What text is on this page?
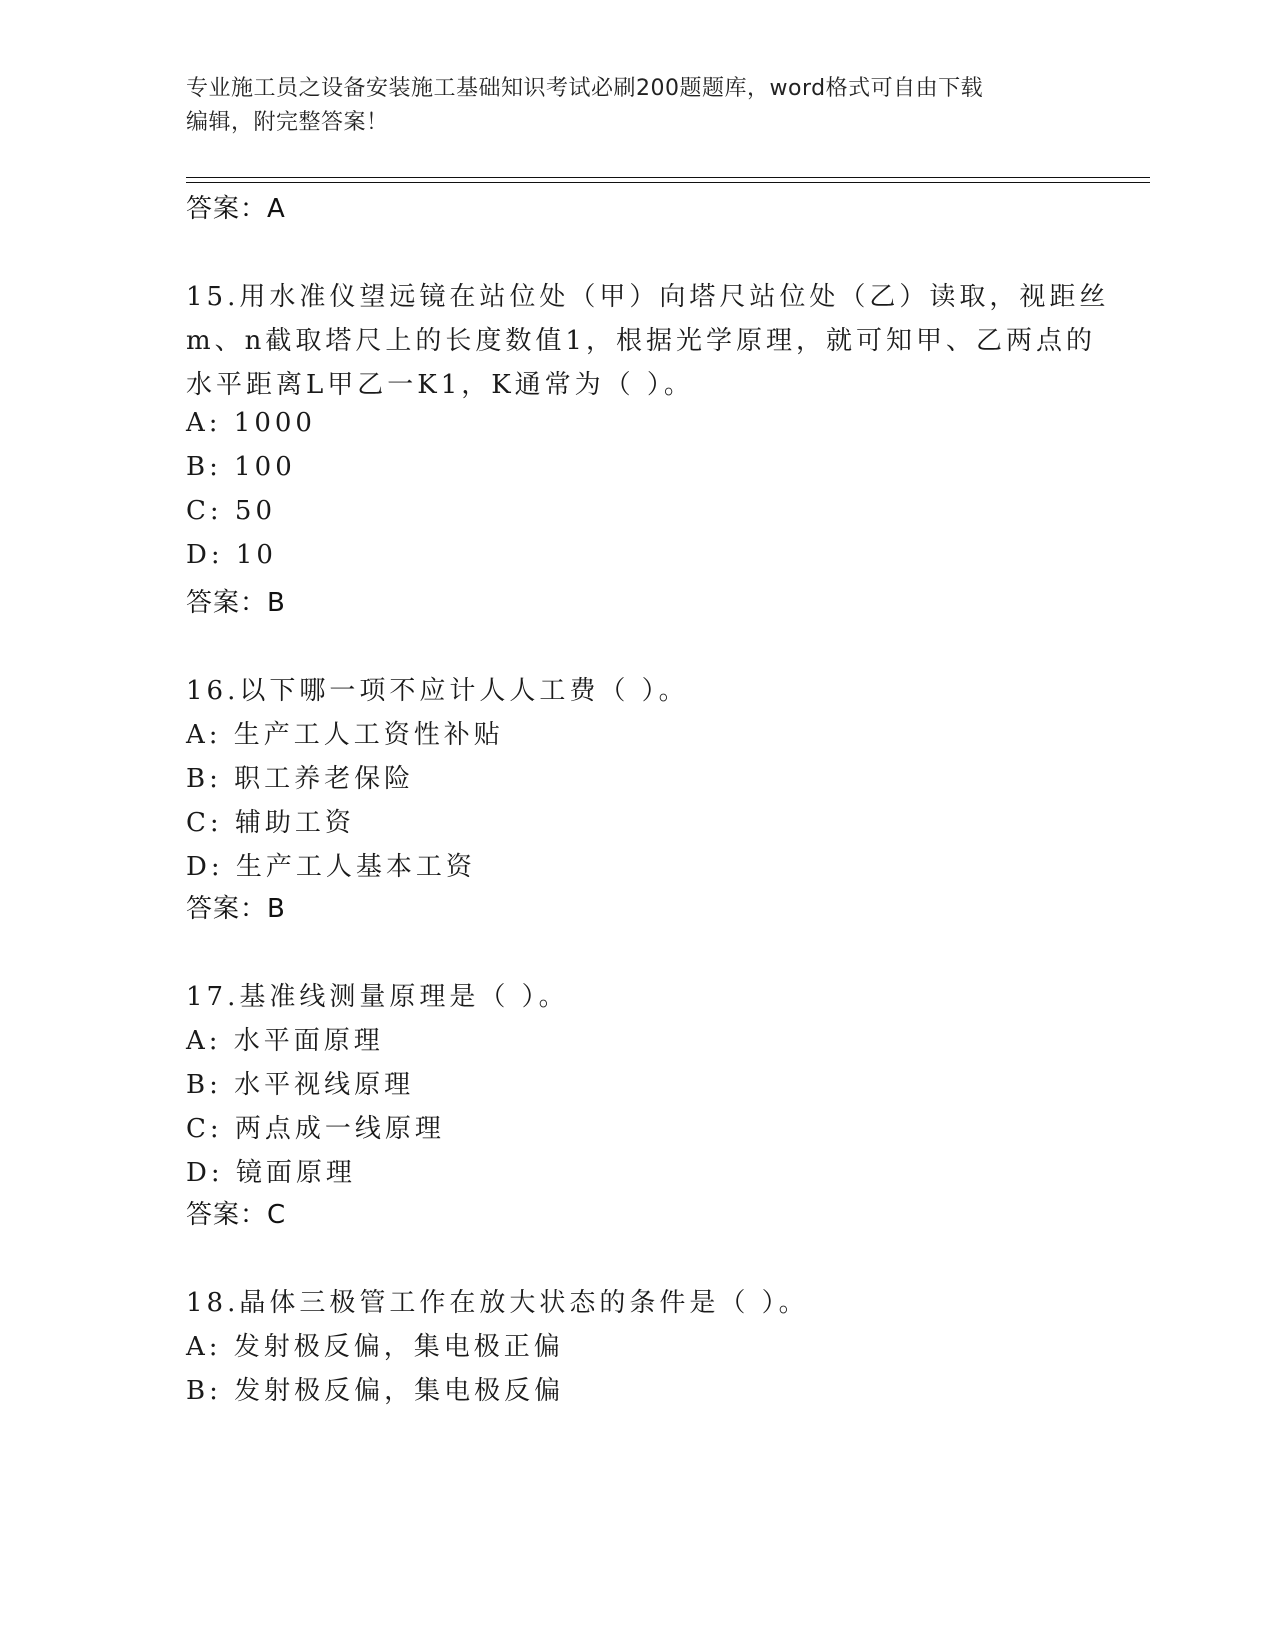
专业施工员之设备安装施工基础知识考试必刷200题题库，word格式可自由下载
编辑，附完整答案！
答案：A
15.用水准仪望远镜在站位处（甲）向塔尺站位处（乙）读取，视距丝
m、n截取塔尺上的长度数值1，根据光学原理，就可知甲、乙两点的
水平距离L甲乙一K1，K通常为（ ）。
A: 1000
B: 100
C: 50
D: 10
答案：B
16.以下哪一项不应计人人工费（ ）。
A: 生产工人工资性补贴
B: 职工养老保险
C: 辅助工资
D: 生产工人基本工资
答案：B
17.基准线测量原理是（ ）。
A: 水平面原理
B: 水平视线原理
C: 两点成一线原理
D: 镜面原理
答案：C
18.晶体三极管工作在放大状态的条件是（ ）。
A: 发射极反偏，集电极正偏
B: 发射极反偏，集电极反偏
